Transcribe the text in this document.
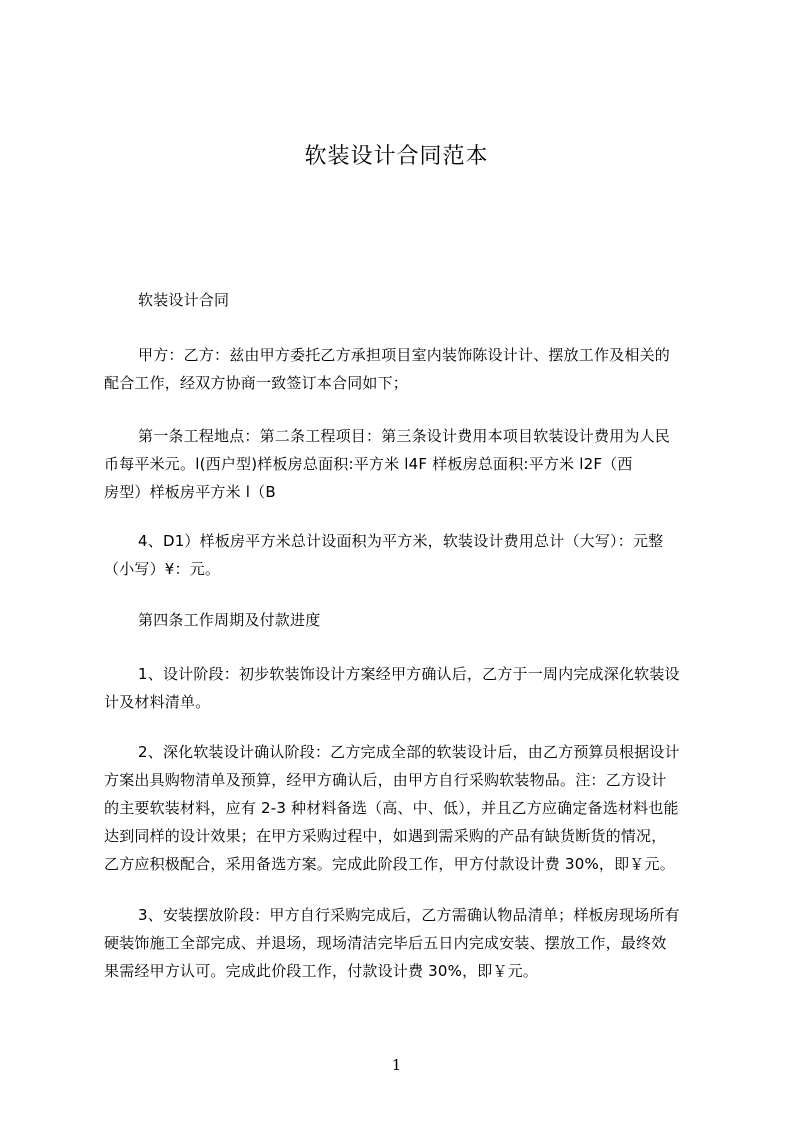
软装设计合同范本
软装设计合同
甲方：乙方：兹由甲方委托乙方承担项目室内装饰陈设计计、摆放工作及相关的
配合工作，经双方协商一致签订本合同如下；
第一条工程地点：第二条工程项目：第三条设计费用本项目软装设计费用为人民
币每平米元。l(西户型)样板房总面积:平方米 l4F 样板房总面积:平方米 l2F（西
房型）样板房平方米 l（B
4、D1）样板房平方米总计设面积为平方米，软装设计费用总计（大写）：元整
（小写）¥：元。
第四条工作周期及付款进度
1、设计阶段：初步软装饰设计方案经甲方确认后，乙方于一周内完成深化软装设
计及材料清单。
2、深化软装设计确认阶段：乙方完成全部的软装设计后，由乙方预算员根据设计
方案出具购物清单及预算，经甲方确认后，由甲方自行采购软装物品。注：乙方设计
的主要软装材料，应有 2-3 种材料备选（高、中、低），并且乙方应确定备选材料也能
达到同样的设计效果；在甲方采购过程中，如遇到需采购的产品有缺货断货的情况，
乙方应积极配合，采用备选方案。完成此阶段工作，甲方付款设计费 30%，即￥元。
3、安装摆放阶段：甲方自行采购完成后，乙方需确认物品清单；样板房现场所有
硬装饰施工全部完成、并退场，现场清洁完毕后五日内完成安装、摆放工作，最终效
果需经甲方认可。完成此价段工作，付款设计费 30%，即￥元。
1
